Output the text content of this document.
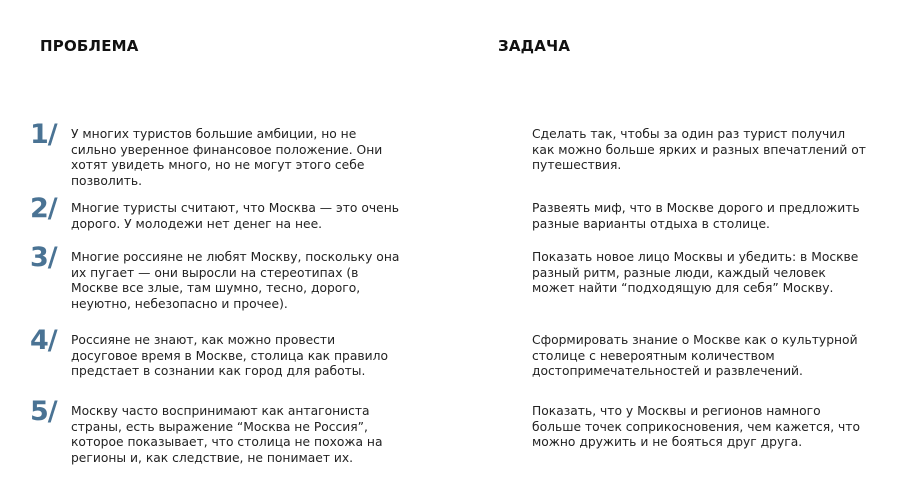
ПРОБЛЕМА	ЗАДАЧА
1/ У многих туристов большие амбиции, но не сильно уверенное финансовое положение. Они хотят увидеть много, но не могут этого себе позволить.
Сделать так, чтобы за один раз турист получил как можно больше ярких и разных впечатлений от путешествия.
2/ Многие туристы считают, что Москва — это очень дорого. У молодежи нет денег на нее.
Развеять миф, что в Москве дорого и предложить разные варианты отдыха в столице.
3/ Многие россияне не любят Москву, поскольку она их пугает — они выросли на стереотипах (в Москве все злые, там шумно, тесно, дорого, неуютно, небезопасно и прочее).
Показать новое лицо Москвы и убедить: в Москве разный ритм, разные люди, каждый человек может найти “подходящую для себя” Москву.
4/ Россияне не знают, как можно провести досуговое время в Москве, столица как правило предстает в сознании как город для работы.
Сформировать знание о Москве как о культурной столице с невероятным количеством достопримечательностей и развлечений.
5/ Москву часто воспринимают как антагониста страны, есть выражение “Москва не Россия”, которое показывает, что столица не похожа на регионы и, как следствие, не понимает их.
Показать, что у Москвы и регионов намного больше точек соприкосновения, чем кажется, что можно дружить и не бояться друг друга.
